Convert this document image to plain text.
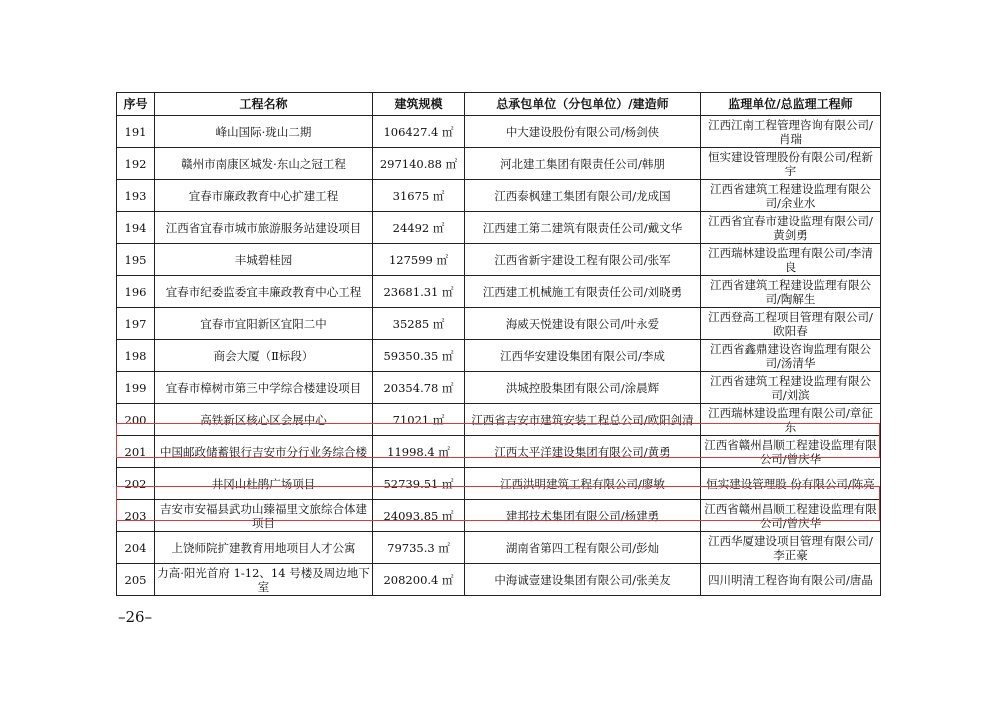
序号	工程名称	建筑规模	总承包单位（分包单位）/建造师	监理单位/总监理工程师
191	峰山国际·珑山二期	106427.4 ㎡	中大建设股份有限公司/杨剑侠	江西江南工程管理咨询有限公司/肖瑞
192	赣州市南康区城发·东山之冠工程	297140.88 ㎡	河北建工集团有限责任公司/韩朋	恒实建设管理股份有限公司/程新宇
193	宜春市廉政教育中心扩建工程	31675 ㎡	江西泰枫建工集团有限公司/龙成国	江西省建筑工程建设监理有限公司/余业水
194	江西省宜春市城市旅游服务站建设项目	24492 ㎡	江西建工第二建筑有限责任公司/戴文华	江西省宜春市建设监理有限公司/黄剑勇
195	丰城碧桂园	127599 ㎡	江西省新宇建设工程有限公司/张军	江西瑞林建设监理有限公司/李清良
196	宜春市纪委监委宜丰廉政教育中心工程	23681.31 ㎡	江西建工机械施工有限责任公司/刘晓勇	江西省建筑工程建设监理有限公司/陶解生
197	宜春市宜阳新区宜阳二中	35285 ㎡	海威天悦建设有限公司/叶永爱	江西登高工程项目管理有限公司/欧阳春
198	商会大厦（Ⅱ标段）	59350.35 ㎡	江西华安建设集团有限公司/李成	江西省鑫鼎建设咨询监理有限公司/汤清华
199	宜春市樟树市第三中学综合楼建设项目	20354.78 ㎡	洪城控股集团有限公司/涂晨辉	江西省建筑工程建设监理有限公司/刘滨
200	高铁新区核心区会展中心	71021 ㎡	江西省吉安市建筑安装工程总公司/欧阳剑清	江西瑞林建设监理有限公司/章征东
201	中国邮政储蓄银行吉安市分行业务综合楼	11998.4 ㎡	江西太平洋建设集团有限公司/黄勇	江西省赣州昌顺工程建设监理有限公司/曾庆华
202	井冈山杜鹃广场项目	52739.51 ㎡	江西洪明建筑工程有限公司/廖敏	恒实建设管理股 份有限公司/陈亮
203	吉安市安福县武功山臻福里文旅综合体建项目	24093.85 ㎡	建邦技术集团有限公司/杨建勇	江西省赣州昌顺工程建设监理有限公司/曾庆华
204	上饶师院扩建教育用地项目人才公寓	79735.3 ㎡	湖南省第四工程有限公司/彭灿	江西华厦建设项目管理有限公司/李正豪
205	力高·阳光首府 1-12、14 号楼及周边地下室	208200.4 ㎡	中海诚壹建设集团有限公司/张美友	四川明清工程咨询有限公司/唐晶
–26–
